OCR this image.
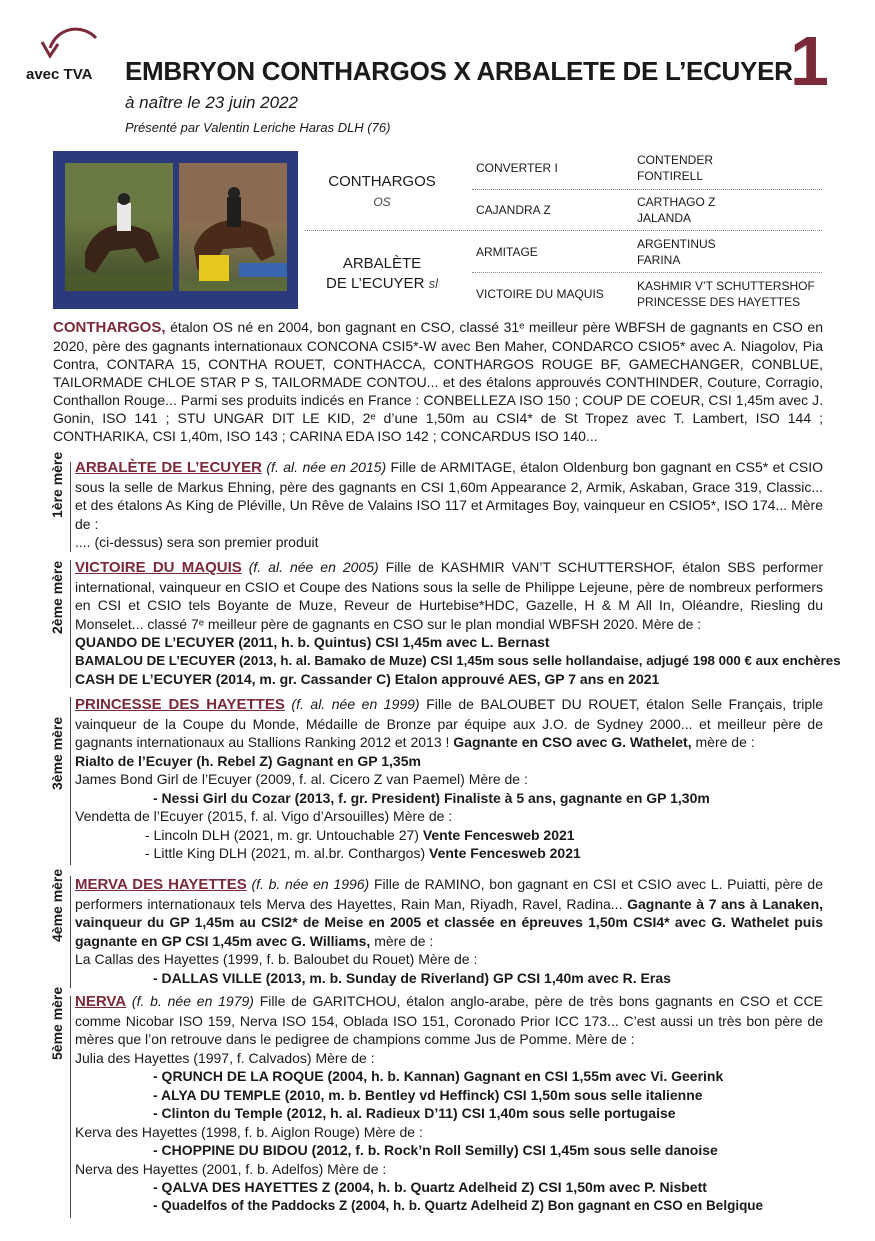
avec TVA EMBRYON CONTHARGOS X ARBALETE DE L’ECUYER
1
à naître le 23 juin 2022
Présenté par Valentin Leriche Haras DLH (76)
CONTHARGOS
OS
ARBALÈTE
DE L’ECUYER sl
CONVERTER I
CAJANDRA Z
ARMITAGE
VICTOIRE DU MAQUIS
CONTENDER
FONTIRELL
CARTHAGO Z
JALANDA
ARGENTINUS
FARINA
KASHMIR V’T SCHUTTERSHOF
PRINCESSE DES HAYETTES

CONTHARGOS, étalon OS né en 2004, bon gagnant en CSO, classé 31ᵉ meilleur père WBFSH de gagnants en CSO en 2020, père des gagnants internationaux CONCONA CSI5*-W avec Ben Maher, CONDARCO CSIO5* avec A. Niagolov, Pia Contra, CONTARA 15, CONTHA ROUET, CONTHACCA, CONTHARGOS ROUGE BF, GAMECHANGER, CONBLUE, TAILORMADE CHLOE STAR P S, TAILORMADE CONTOU... et des étalons approuvés CONTHINDER, Couture, Corragio, Conthallon Rouge... Parmi ses produits indicés en France : CONBELLEZA ISO 150 ; COUP DE COEUR, CSI 1,45m avec J. Gonin, ISO 141 ; STU UNGAR DIT LE KID, 2ᵉ d’une 1,50m au CSI4* de St Tropez avec T. Lambert, ISO 144 ; CONTHARIKA, CSI 1,40m, ISO 143 ; CARINA EDA ISO 142 ; CONCARDUS ISO 140...

1ère mère ARBALÈTE DE L’ECUYER (f. al. née en 2015) Fille de ARMITAGE, étalon Oldenburg bon gagnant en CS5* et CSIO sous la selle de Markus Ehning, père des gagnants en CSI 1,60m Appearance 2, Armik, Askaban, Grace 319, Classic... et des étalons As King de Pléville, Un Rêve de Valains ISO 117 et Armitages Boy, vainqueur en CSIO5*, ISO 174... Mère de :

.... (ci-dessus) sera son premier produit

2ème mère VICTOIRE DU MAQUIS (f. al. née en 2005) Fille de KASHMIR VAN’T SCHUTTERSHOF, étalon SBS performer international, vainqueur en CSIO et Coupe des Nations sous la selle de Philippe Lejeune, père de nombreux performers en CSI et CSIO tels Boyante de Muze, Reveur de Hurtebise*HDC, Gazelle, H & M All In, Oléandre, Riesling du Monselet... classé 7ᵉ meilleur père de gagnants en CSO sur le plan mondial WBFSH 2020. Mère de :

QUANDO DE L’ECUYER (2011, h. b. Quintus) CSI 1,45m avec L. Bernast

BAMALOU DE L’ECUYER (2013, h. al. Bamako de Muze) CSI 1,45m sous selle hollandaise, adjugé 198 000 € aux enchères

CASH DE L’ECUYER (2014, m. gr. Cassander C) Etalon approuvé AES, GP 7 ans en 2021

3ème mère

PRINCESSE DES HAYETTES (f. al. née en 1999) Fille de BALOUBET DU ROUET, étalon Selle Français, triple vainqueur de la Coupe du Monde, Médaille de Bronze par équipe aux J.O. de Sydney 2000... et meilleur père de gagnants internationaux au Stallions Ranking 2012 et 2013 ! Gagnante en CSO avec G. Wathelet, mère de :

Rialto de l’Ecuyer (h. Rebel Z) Gagnant en GP 1,35m

James Bond Girl de l’Ecuyer (2009, f. al. Cicero Z van Paemel) Mère de :

- Nessi Girl du Cozar (2013, f. gr. President) Finaliste à 5 ans, gagnante en GP 1,30m

Vendetta de l’Ecuyer (2015, f. al. Vigo d’Arsouilles) Mère de :

- Lincoln DLH (2021, m. gr. Untouchable 27) Vente Fencesweb 2021

- Little King DLH (2021, m. al.br. Conthargos) Vente Fencesweb 2021

4ème mère MERVA DES HAYETTES (f. b. née en 1996) Fille de RAMINO, bon gagnant en CSI et CSIO avec L. Puiatti, père de performers internationaux tels Merva des Hayettes, Rain Man, Riyadh, Ravel, Radina... Gagnante à 7 ans à Lanaken, vainqueur du GP 1,45m au CSI2* de Meise en 2005 et classée en épreuves 1,50m CSI4* avec G. Wathelet puis gagnante en GP CSI 1,45m avec G. Williams, mère de :

La Callas des Hayettes (1999, f. b. Baloubet du Rouet) Mère de :

- DALLAS VILLE (2013, m. b. Sunday de Riverland) GP CSI 1,40m avec R. Eras

5ème mère NERVA (f. b. née en 1979) Fille de GARITCHOU, étalon anglo-arabe, père de très bons gagnants en CSO et CCE comme Nicobar ISO 159, Nerva ISO 154, Oblada ISO 151, Coronado Prior ICC 173... C’est aussi un très bon père de mères que l’on retrouve dans le pedigree de champions comme Jus de Pomme. Mère de :

Julia des Hayettes (1997, f. Calvados) Mère de :

- QRUNCH DE LA ROQUE (2004, h. b. Kannan) Gagnant en CSI 1,55m avec Vi. Geerink

- ALYA DU TEMPLE (2010, m. b. Bentley vd Heffinck) CSI 1,50m sous selle italienne

- Clinton du Temple (2012, h. al. Radieux D’11) CSI 1,40m sous selle portugaise

Kerva des Hayettes (1998, f. b. Aiglon Rouge) Mère de :

- CHOPPINE DU BIDOU (2012, f. b. Rock’n Roll Semilly) CSI 1,45m sous selle danoise

Nerva des Hayettes (2001, f. b. Adelfos) Mère de :

- QALVA DES HAYETTES Z (2004, h. b. Quartz Adelheid Z) CSI 1,50m avec P. Nisbett

- Quadelfos of the Paddocks Z (2004, h. b. Quartz Adelheid Z) Bon gagnant en CSO en Belgique
